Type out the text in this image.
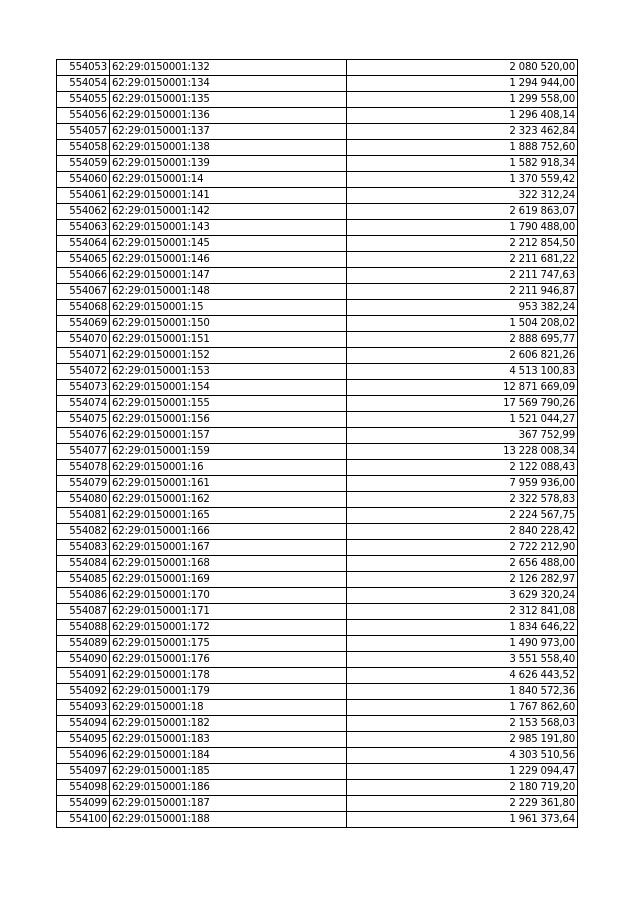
554053	62:29:0150001:132	2 080 520,00
554054	62:29:0150001:134	1 294 944,00
554055	62:29:0150001:135	1 299 558,00
554056	62:29:0150001:136	1 296 408,14
554057	62:29:0150001:137	2 323 462,84
554058	62:29:0150001:138	1 888 752,60
554059	62:29:0150001:139	1 582 918,34
554060	62:29:0150001:14	1 370 559,42
554061	62:29:0150001:141	322 312,24
554062	62:29:0150001:142	2 619 863,07
554063	62:29:0150001:143	1 790 488,00
554064	62:29:0150001:145	2 212 854,50
554065	62:29:0150001:146	2 211 681,22
554066	62:29:0150001:147	2 211 747,63
554067	62:29:0150001:148	2 211 946,87
554068	62:29:0150001:15	953 382,24
554069	62:29:0150001:150	1 504 208,02
554070	62:29:0150001:151	2 888 695,77
554071	62:29:0150001:152	2 606 821,26
554072	62:29:0150001:153	4 513 100,83
554073	62:29:0150001:154	12 871 669,09
554074	62:29:0150001:155	17 569 790,26
554075	62:29:0150001:156	1 521 044,27
554076	62:29:0150001:157	367 752,99
554077	62:29:0150001:159	13 228 008,34
554078	62:29:0150001:16	2 122 088,43
554079	62:29:0150001:161	7 959 936,00
554080	62:29:0150001:162	2 322 578,83
554081	62:29:0150001:165	2 224 567,75
554082	62:29:0150001:166	2 840 228,42
554083	62:29:0150001:167	2 722 212,90
554084	62:29:0150001:168	2 656 488,00
554085	62:29:0150001:169	2 126 282,97
554086	62:29:0150001:170	3 629 320,24
554087	62:29:0150001:171	2 312 841,08
554088	62:29:0150001:172	1 834 646,22
554089	62:29:0150001:175	1 490 973,00
554090	62:29:0150001:176	3 551 558,40
554091	62:29:0150001:178	4 626 443,52
554092	62:29:0150001:179	1 840 572,36
554093	62:29:0150001:18	1 767 862,60
554094	62:29:0150001:182	2 153 568,03
554095	62:29:0150001:183	2 985 191,80
554096	62:29:0150001:184	4 303 510,56
554097	62:29:0150001:185	1 229 094,47
554098	62:29:0150001:186	2 180 719,20
554099	62:29:0150001:187	2 229 361,80
554100	62:29:0150001:188	1 961 373,64
